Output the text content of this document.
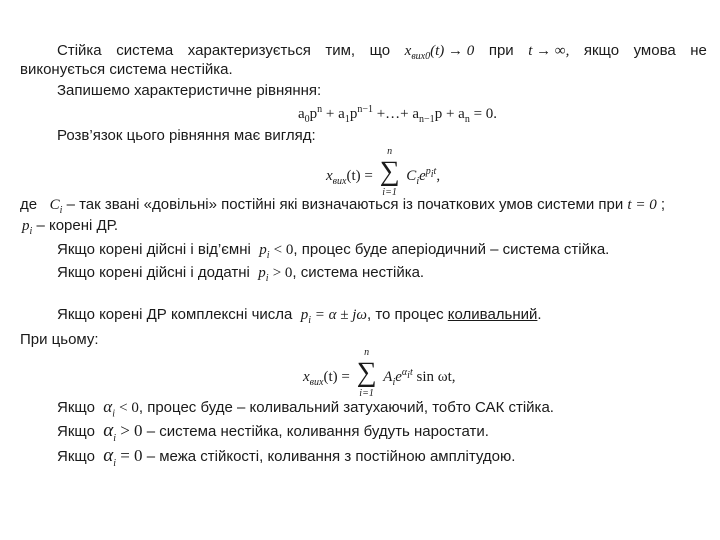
Стійка система характеризується тим, що $x_{вих0}(t) \to 0$ при t → ∞, якщо умова не
виконується система нестійка.
Запишемо характеристичне рівняння:
$a_0p^n + a_1p^{n-1}$ +…+ $a_{n-1}p + a_n = 0$.
Розв’язок цього рівняння має вигляд:
$x_{вих}(t)$ =
n
∑
i=1
$C_ie^{p_it}$,
де $C_i$ – так звані «довільні» постійні які визначаються із початкових умов системи при t = 0 ;
$p_i$ – корені ДР.
Якщо корені дійсні і від’ємні $p_i < 0$, процес буде аперіодичний – система стійка.
Якщо корені дійсні і додатні $p_i > 0$, система нестійка.
Якщо корені ДР комплексні числа $p_i = \alpha \pm j\omega$, то процес коливальний.
При цьому:
$x_{вих}(t)$ =
n
∑
i=1
$A_ie^{\alpha_it}$ sin ωt,
Якщо $\alpha_i < 0$, процес буде – коливальний затухаючий, тобто САК стійка.
Якщо $\alpha_i > 0$ – система нестійка, коливання будуть наростати.
Якщо $\alpha_i = 0$ – межа стійкості, коливання з постійною амплітудою.
